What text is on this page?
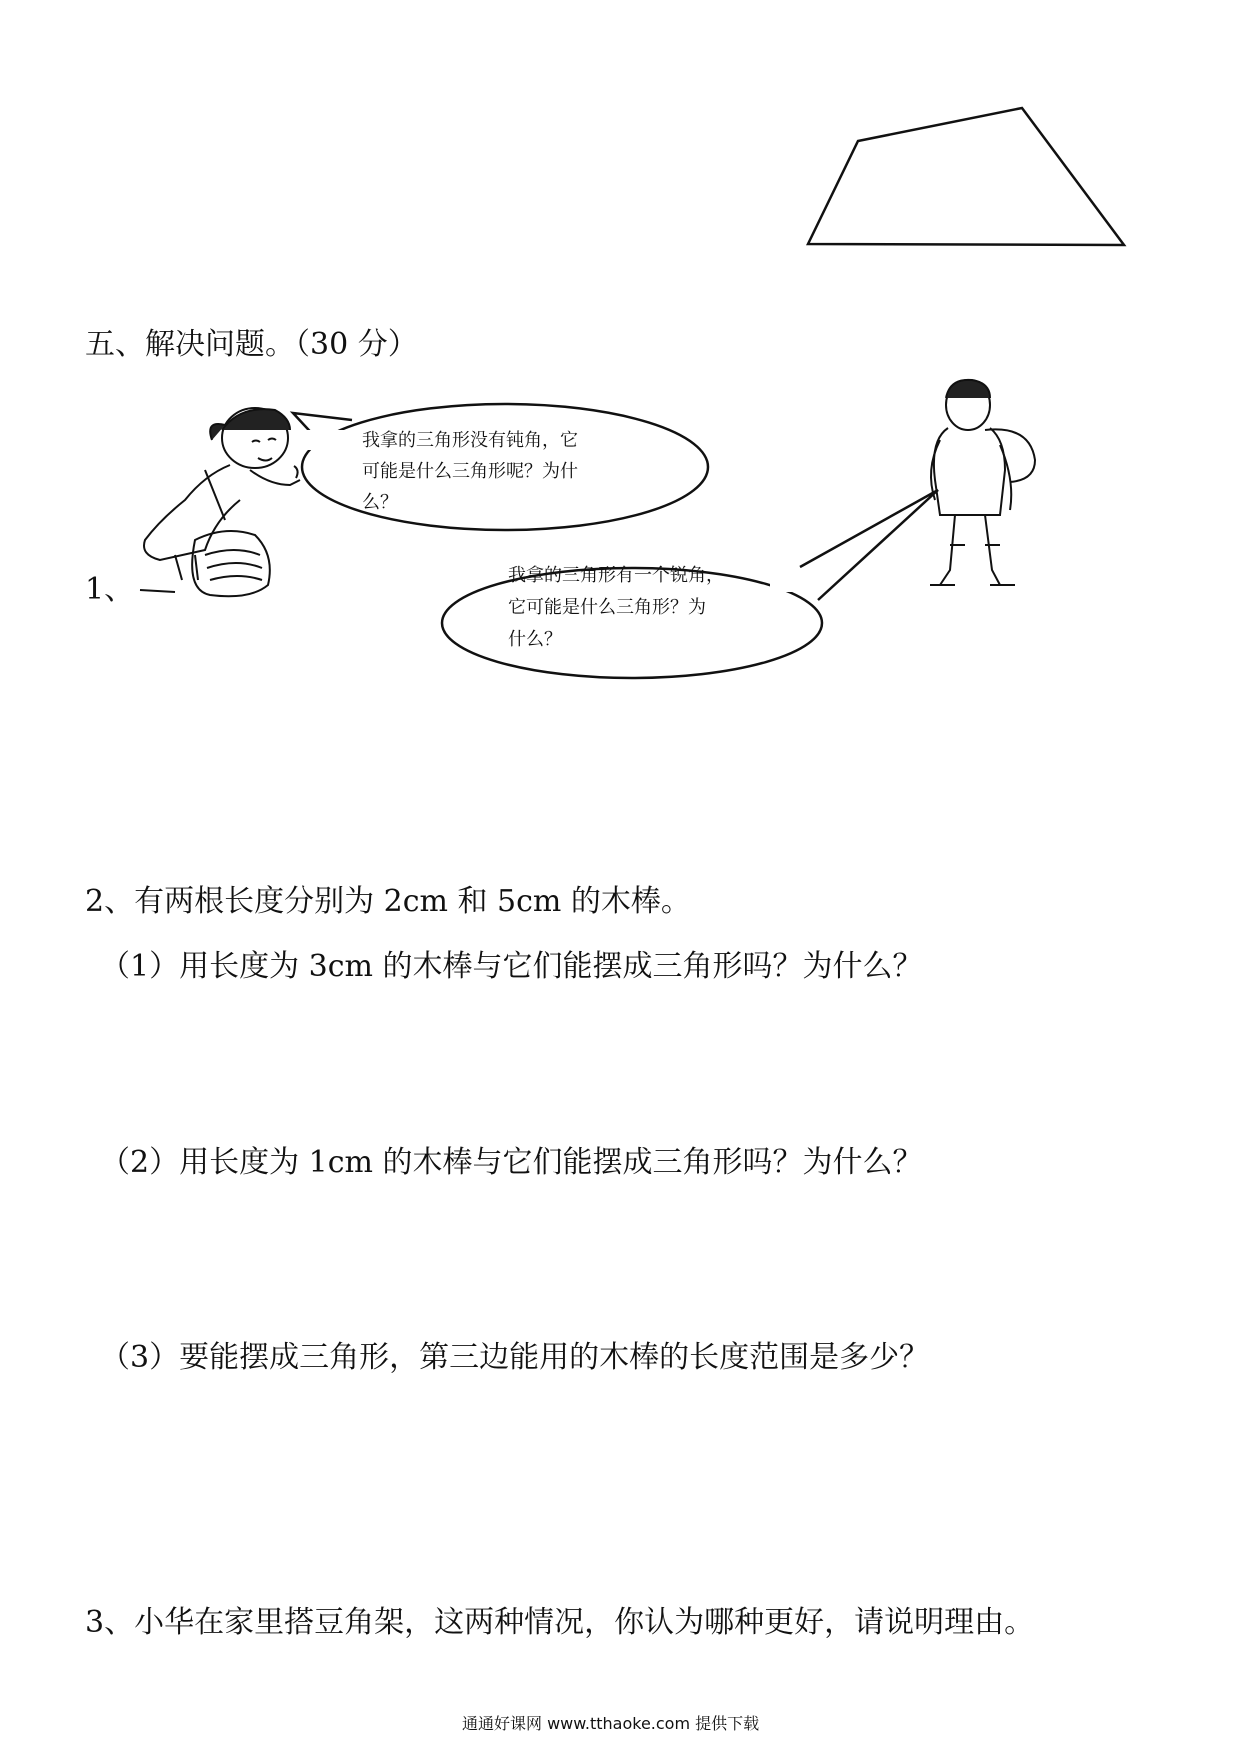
五、解决问题。（30 分）
1、
我拿的三角形没有钝角，它
可能是什么三角形呢？为什
我拿的三角形有一个锐角，
它可能是什么三角形？为
什么？
2、有两根长度分别为 2cm 和 5cm 的木棒。
（1）用长度为 3cm 的木棒与它们能摆成三角形吗？为什么？
（2）用长度为 1cm 的木棒与它们能摆成三角形吗？为什么？
（3）要能摆成三角形，第三边能用的木棒的长度范围是多少？
3、小华在家里搭豆角架，这两种情况，你认为哪种更好，请说明理由。
通通好课网 www.tthaoke.com 提供下载
